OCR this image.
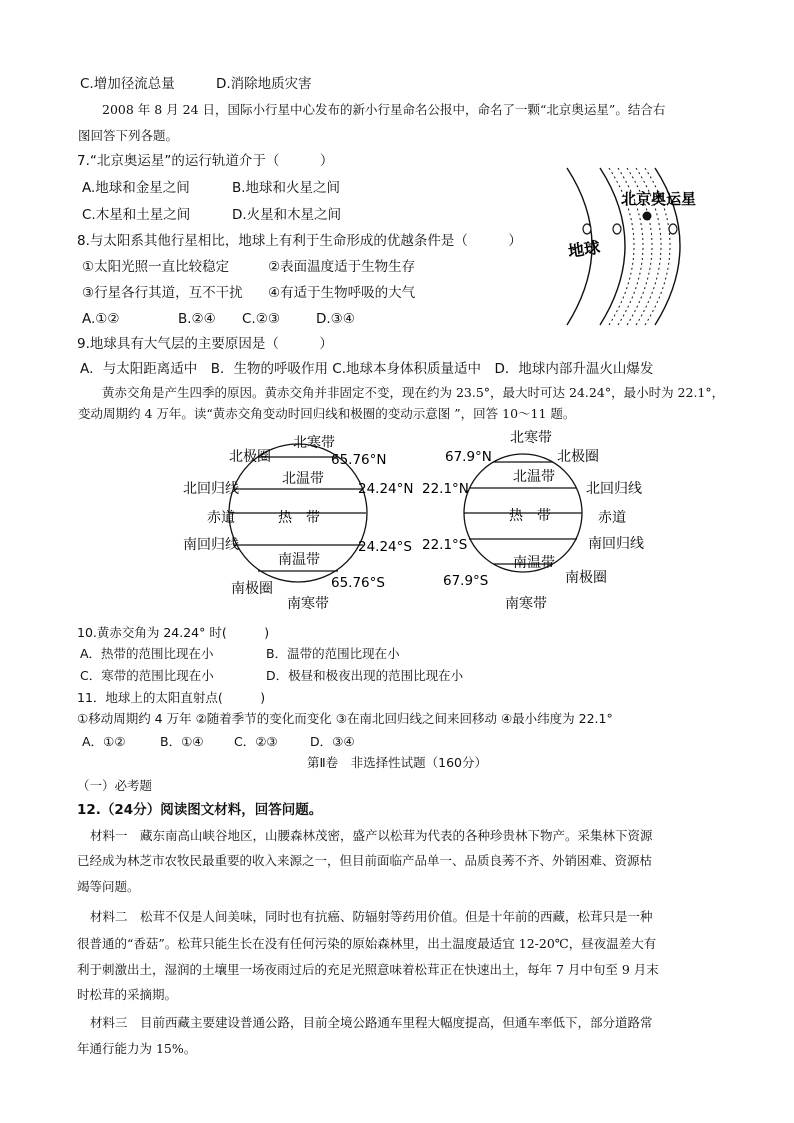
C.增加径流总量	D.消除地质灾害
2008 年 8 月 24 日，国际小行星中心发布的新小行星命名公报中，命名了一颗“北京奥运星”。结合右
图回答下列各题。
7.“北京奥运星”的运行轨道介于（　　　）
A.地球和金星之间	B.地球和火星之间
C.木星和土星之间	D.火星和木星之间
8.与太阳系其他行星相比，地球上有利于生命形成的优越条件是（　　　）
①太阳光照一直比较稳定	②表面温度适于生物生存
③行星各行其道，互不干扰 ④有适于生物呼吸的大气
A.①②	B.②④ C.②③	D.③④
9.地球具有大气层的主要原因是（　　　）
A．与太阳距离适中　B．生物的呼吸作用 C.地球本身体积质量适中　D．地球内部升温火山爆发
黄赤交角是产生四季的原因。黄赤交角并非固定不变，现在约为 23.5°，最大时可达 24.24°，最小时为 22.1°，
变动周期约 4 万年。读“黄赤交角变动时回归线和极圈的变动示意图 ”，回答 10～11 题。
地球
北京奥运星
北寒带
北极圈	65.76°N
北温带
北回归线	24.24°N
赤道	热　带
南回归线	24.24°S
南温带
南极圈	65.76°S
南寒带
北寒带
67.9°N	北极圈
北温带
22.1°N	北回归线
热　带	赤道
22.1°S	南回归线
南温带
67.9°S	南极圈
南寒带
10.黄赤交角为 24.24° 时(　　　)
A．热带的范围比现在小	B．温带的范围比现在小
C．寒带的范围比现在小	D．极昼和极夜出现的范围比现在小
11．地球上的太阳直射点(　　　)
①移动周期约 4 万年 ②随着季节的变化而变化 ③在南北回归线之间来回移动 ④最小纬度为 22.1°
A．①②	B．①④ C．②③	D．③④
第Ⅱ卷　非选择性试题（160分）
（一）必考题
12.（24分）阅读图文材料，回答问题。
材料一　藏东南高山峡谷地区，山腰森林茂密，盛产以松茸为代表的各种珍贵林下物产。采集林下资源
已经成为林芝市农牧民最重要的收入来源之一，但目前面临产品单一、品质良莠不齐、外销困难、资源枯
竭等问题。
材料二　松茸不仅是人间美味，同时也有抗癌、防辐射等药用价值。但是十年前的西藏，松茸只是一种
很普通的“香菇”。松茸只能生长在没有任何污染的原始森林里，出土温度最适宜 12-20℃，昼夜温差大有
利于刺激出土，湿润的土壤里一场夜雨过后的充足光照意味着松茸正在快速出土，每年 7 月中旬至 9 月末
时松茸的采摘期。
材料三　目前西藏主要建设普通公路，目前全境公路通车里程大幅度提高，但通车率低下，部分道路常
年通行能力为 15%。
